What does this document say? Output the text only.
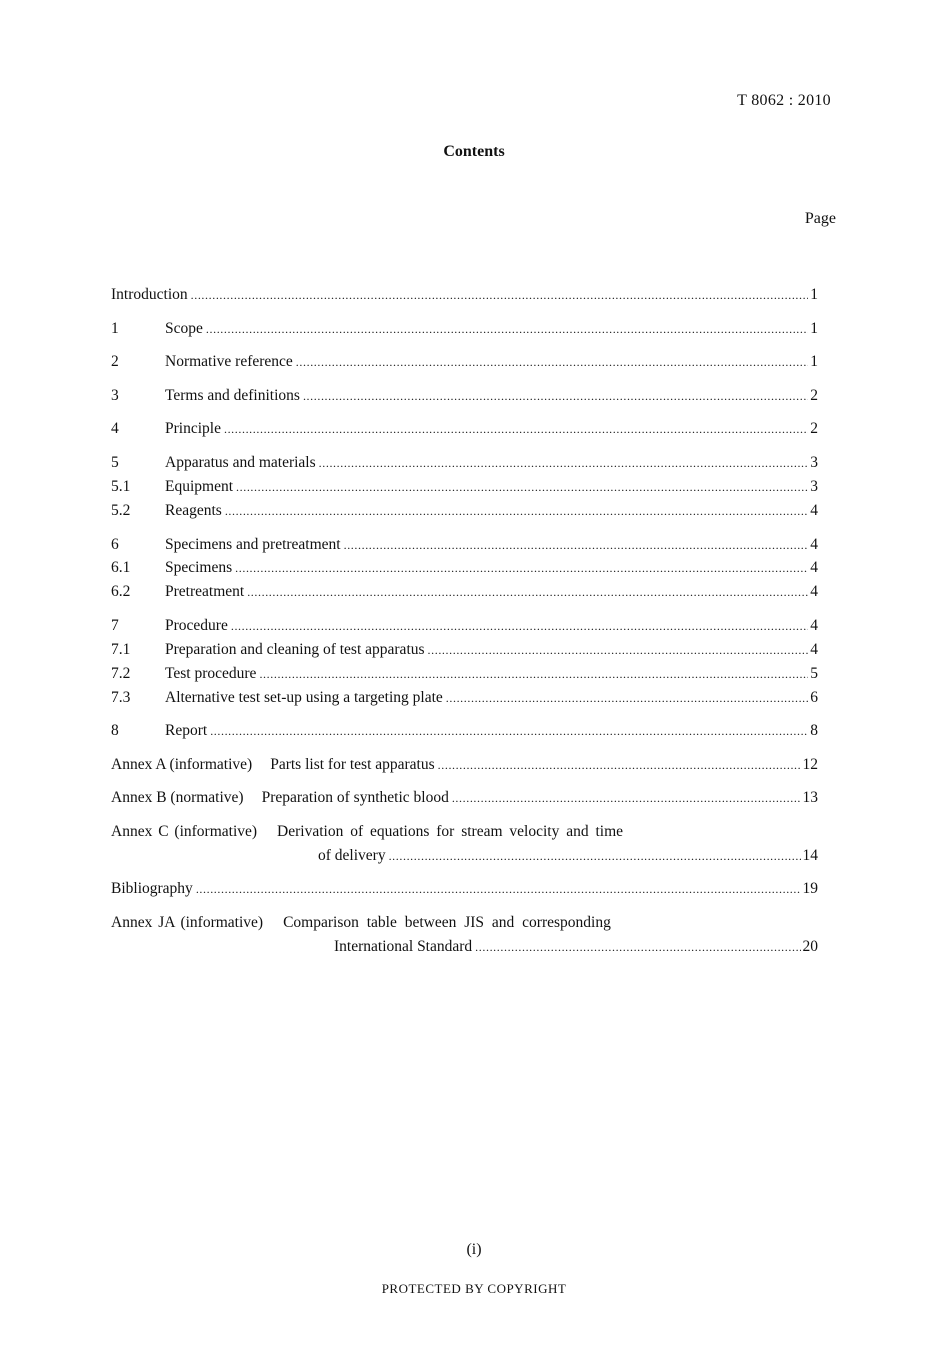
T 8062 : 2010
Contents
Page
Introduction .....	1
1	Scope .....	1
2	Normative reference .....	1
3	Terms and definitions .....	2
4	Principle .....	2
5	Apparatus and materials .....	3
5.1	Equipment .....	3
5.2	Reagents .....	4
6	Specimens and pretreatment .....	4
6.1	Specimens .....	4
6.2	Pretreatment .....	4
7	Procedure .....	4
7.1	Preparation and cleaning of test apparatus .....	4
7.2	Test procedure .....	5
7.3	Alternative test set-up using a targeting plate .....	6
8	Report .....	8
Annex A (informative) Parts list for test apparatus .....	12
Annex B (normative) Preparation of synthetic blood .....	13
Annex C (informative) Derivation of equations for stream velocity and time
of delivery .....	14
Bibliography .....	19
Annex JA (informative) Comparison table between JIS and corresponding
International Standard .....	20
(i)
PROTECTED BY COPYRIGHT
